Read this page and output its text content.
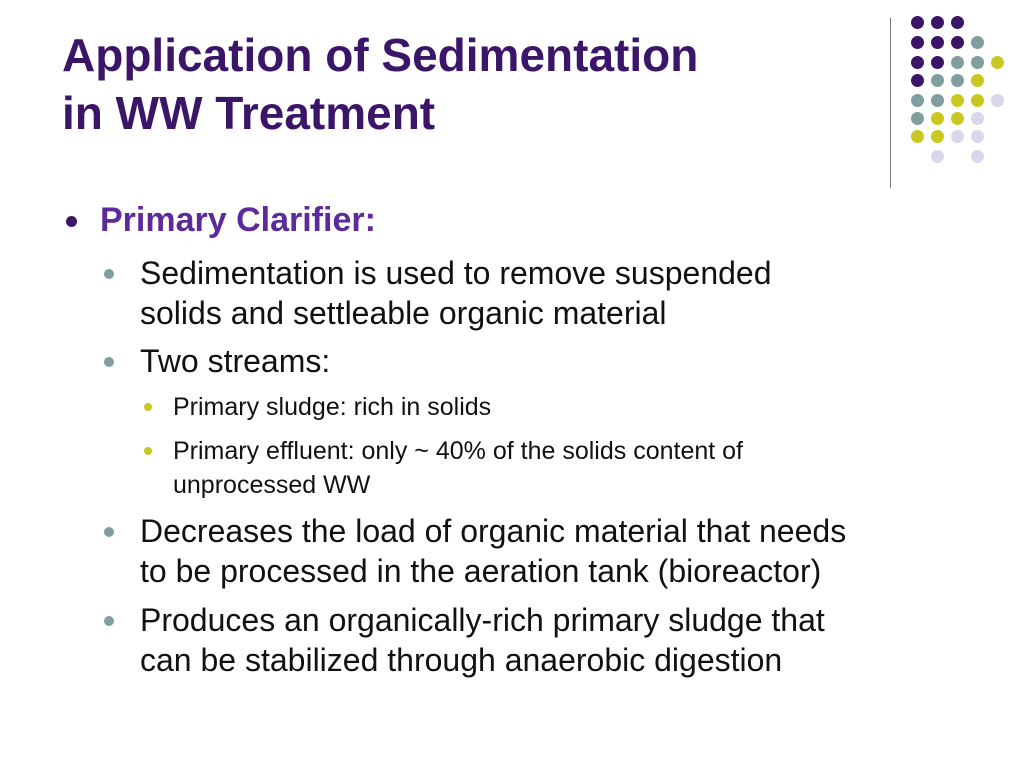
Application of Sedimentation
in WW Treatment

Primary Clarifier:

Sedimentation is used to remove suspended
solids and settleable organic material

Two streams:

Primary sludge: rich in solids

Primary effluent: only ~ 40% of the solids content of
unprocessed WW

Decreases the load of organic material that needs
to be processed in the aeration tank (bioreactor)

Produces an organically-rich primary sludge that
can be stabilized through anaerobic digestion
